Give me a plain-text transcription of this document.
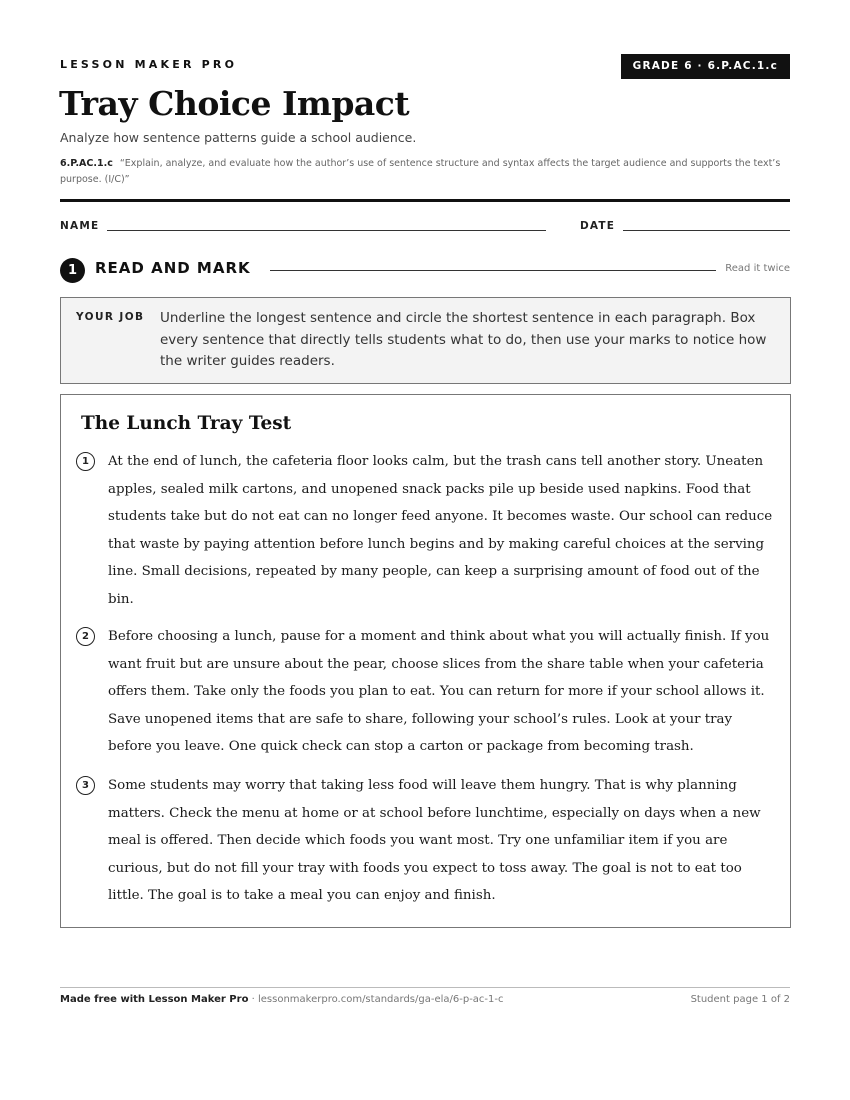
LESSON MAKER PRO	GRADE 6 · 6.P.AC.1.c
Tray Choice Impact
Analyze how sentence patterns guide a school audience.
6.P.AC.1.c “Explain, analyze, and evaluate how the author’s use of sentence structure and syntax affects the target audience and supports the text’s purpose. (I/C)”
NAME	DATE
1	READ AND MARK	Read it twice
YOUR JOB Underline the longest sentence and circle the shortest sentence in each paragraph. Box every sentence that directly tells students what to do, then use your marks to notice how the writer guides readers.
The Lunch Tray Test
1	At the end of lunch, the cafeteria floor looks calm, but the trash cans tell another story. Uneaten apples, sealed milk cartons, and unopened snack packs pile up beside used napkins. Food that students take but do not eat can no longer feed anyone. It becomes waste. Our school can reduce that waste by paying attention before lunch begins and by making careful choices at the serving line. Small decisions, repeated by many people, can keep a surprising amount of food out of the bin.
2	Before choosing a lunch, pause for a moment and think about what you will actually finish. If you want fruit but are unsure about the pear, choose slices from the share table when your cafeteria offers them. Take only the foods you plan to eat. You can return for more if your school allows it. Save unopened items that are safe to share, following your school’s rules. Look at your tray before you leave. One quick check can stop a carton or package from becoming trash.
3	Some students may worry that taking less food will leave them hungry. That is why planning matters. Check the menu at home or at school before lunchtime, especially on days when a new meal is offered. Then decide which foods you want most. Try one unfamiliar item if you are curious, but do not fill your tray with foods you expect to toss away. The goal is not to eat too little. The goal is to take a meal you can enjoy and finish.
Made free with Lesson Maker Pro · lessonmakerpro.com/standards/ga-ela/6-p-ac-1-c	Student page 1 of 2
